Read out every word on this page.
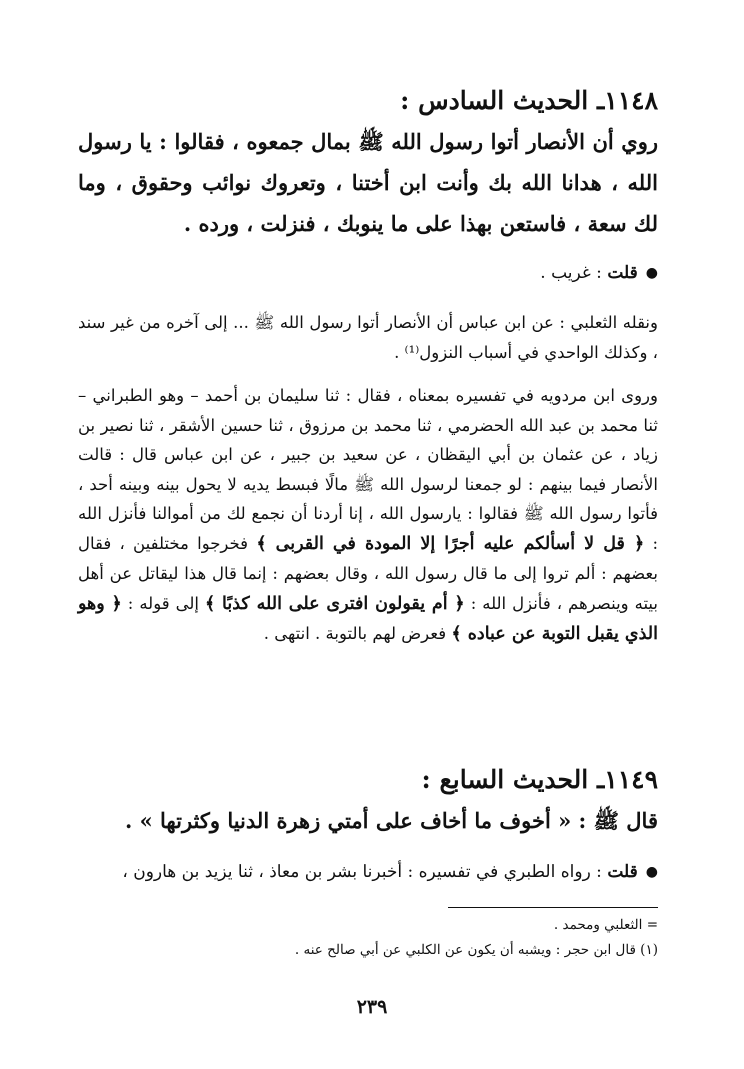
١١٤٨ـ الحديث السادس :

روي أن الأنصار أتوا رسول الله ﷺ بمال جمعوه ، فقالوا : يا رسول الله ، هدانا الله بك وأنت ابن أختنا ، وتعروك نوائب وحقوق ، وما لك سعة ، فاستعن بهذا على ما ينوبك ، فنزلت ، ورده .

●قلت : غريب .

ونقله الثعلبي : عن ابن عباس أن الأنصار أتوا رسول الله ﷺ ... إلى آخره من غير سند ، وكذلك الواحدي في أسباب النزول⁽¹⁾ .

وروى ابن مردويه في تفسيره بمعناه ، فقال : ثنا سليمان بن أحمد – وهو الطبراني – ثنا محمد بن عبد الله الحضرمي ، ثنا محمد بن مرزوق ، ثنا حسين الأشقر ، ثنا نصير بن زياد ، عن عثمان بن أبي اليقظان ، عن سعيد بن جبير ، عن ابن عباس قال : قالت الأنصار فيما بينهم : لو جمعنا لرسول الله ﷺ مالًا فبسط يديه لا يحول بينه وبينه أحد ، فأتوا رسول الله ﷺ فقالوا : يارسول الله ، إنا أردنا أن نجمع لك من أموالنا فأنزل الله : ﴿ قل لا أسألكم عليه أجرًا إلا المودة في القربى ﴾ فخرجوا مختلفين ، فقال بعضهم : ألم تروا إلى ما قال رسول الله ، وقال بعضهم : إنما قال هذا ليقاتل عن أهل بيته وينصرهم ، فأنزل الله : ﴿ أم يقولون افترى على الله كذبًا ﴾ إلى قوله : ﴿ وهو الذي يقبل التوبة عن عباده ﴾ فعرض لهم بالتوبة . انتهى .

١١٤٩ـ الحديث السابع :

قال ﷺ : « أخوف ما أخاف على أمتي زهرة الدنيا وكثرتها » .

●قلت : رواه الطبري في تفسيره : أخبرنا بشر بن معاذ ، ثنا يزيد بن هارون ،
= الثعلبي ومحمد .
(١) قال ابن حجر : ويشبه أن يكون عن الكلبي عن أبي صالح عنه .
٢٣٩
